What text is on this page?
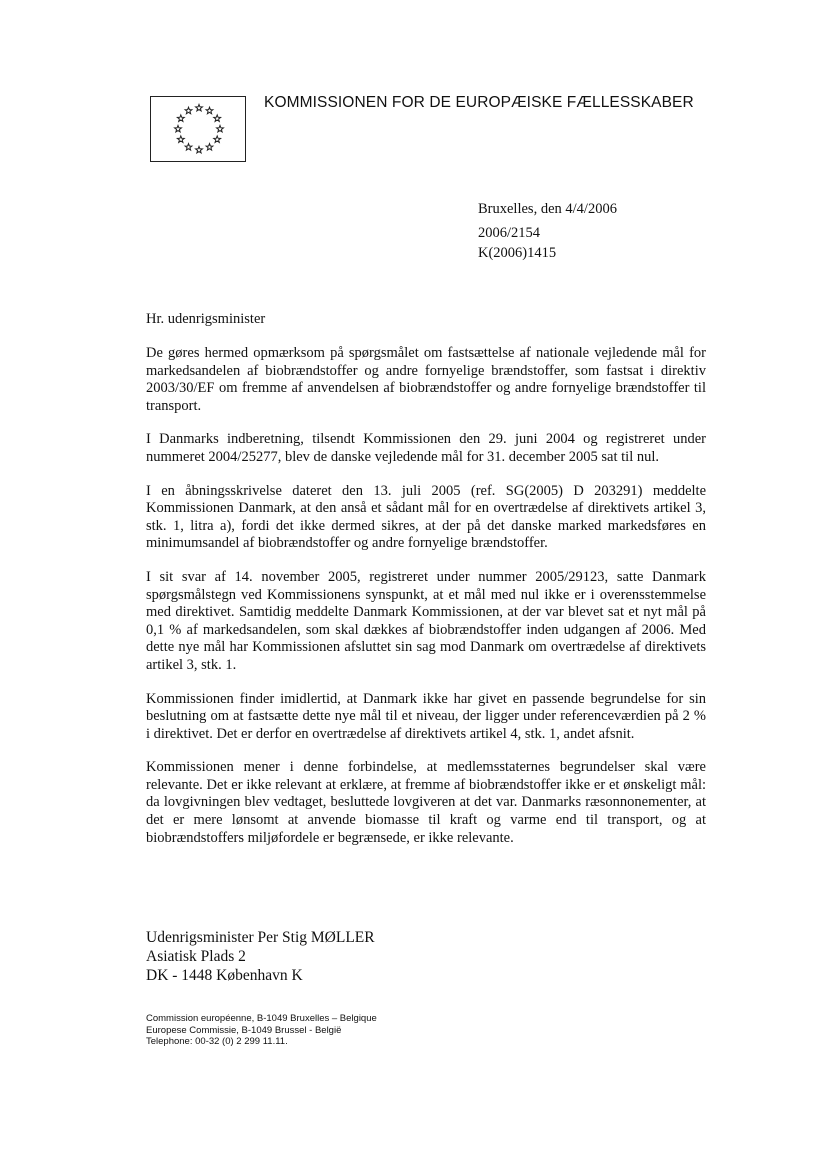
KOMMISSIONEN FOR DE EUROPÆISKE FÆLLESSKABER
Bruxelles, den 4/4/2006
2006/2154
K(2006)1415
Hr. udenrigsminister

De gøres hermed opmærksom på spørgsmålet om fastsættelse af nationale vejledende mål for markedsandelen af biobrændstoffer og andre fornyelige brændstoffer, som fastsat i direktiv 2003/30/EF om fremme af anvendelsen af biobrændstoffer og andre fornyelige brændstoffer til transport.

I Danmarks indberetning, tilsendt Kommissionen den 29. juni 2004 og registreret under nummeret 2004/25277, blev de danske vejledende mål for 31. december 2005 sat til nul.

I en åbningsskrivelse dateret den 13. juli 2005 (ref. SG(2005) D 203291) meddelte Kommissionen Danmark, at den anså et sådant mål for en overtrædelse af direktivets artikel 3, stk. 1, litra a), fordi det ikke dermed sikres, at der på det danske marked markedsføres en minimumsandel af biobrændstoffer og andre fornyelige brændstoffer.

I sit svar af 14. november 2005, registreret under nummer 2005/29123, satte Danmark spørgsmålstegn ved Kommissionens synspunkt, at et mål med nul ikke er i overensstemmelse med direktivet. Samtidig meddelte Danmark Kommissionen, at der var blevet sat et nyt mål på 0,1 % af markedsandelen, som skal dækkes af biobrændstoffer inden udgangen af 2006. Med dette nye mål har Kommissionen afsluttet sin sag mod Danmark om overtrædelse af direktivets artikel 3, stk. 1.

Kommissionen finder imidlertid, at Danmark ikke har givet en passende begrundelse for sin beslutning om at fastsætte dette nye mål til et niveau, der ligger under referenceværdien på 2 % i direktivet. Det er derfor en overtrædelse af direktivets artikel 4, stk. 1, andet afsnit.

Kommissionen mener i denne forbindelse, at medlemsstaternes begrundelser skal være relevante. Det er ikke relevant at erklære, at fremme af biobrændstoffer ikke er et ønskeligt mål: da lovgivningen blev vedtaget, besluttede lovgiveren at det var. Danmarks ræsonnonementer, at det er mere lønsomt at anvende biomasse til kraft og varme end til transport, og at biobrændstoffers miljøfordele er begrænsede, er ikke relevante.

Udenrigsminister Per Stig MØLLER
Asiatisk Plads 2
DK - 1448 København K
Commission européenne, B-1049 Bruxelles – Belgique
Europese Commissie, B-1049 Brussel - België
Telephone: 00-32 (0) 2 299 11.11.
